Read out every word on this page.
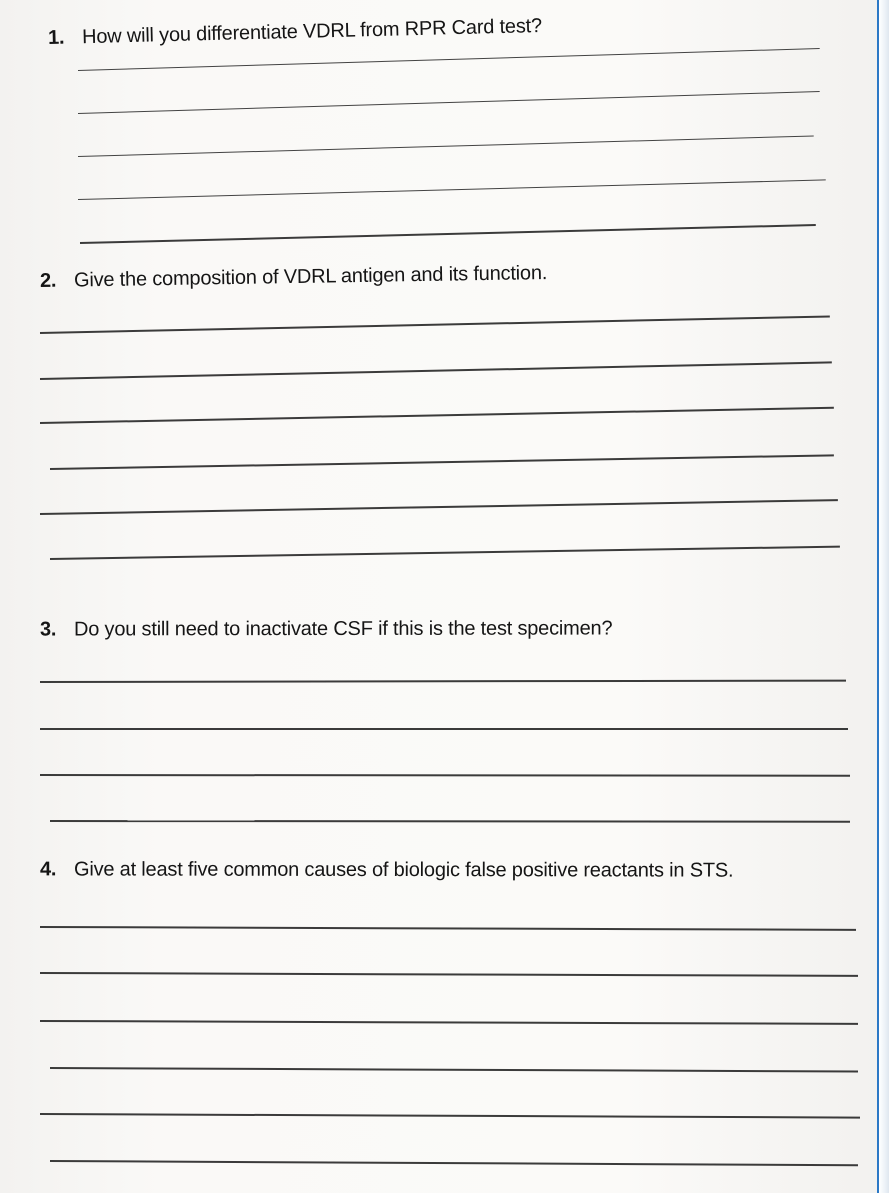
1. How will you differentiate VDRL from RPR Card test?
2. Give the composition of VDRL antigen and its function.
3. Do you still need to inactivate CSF if this is the test specimen?
4. Give at least five common causes of biologic false positive reactants in STS.
